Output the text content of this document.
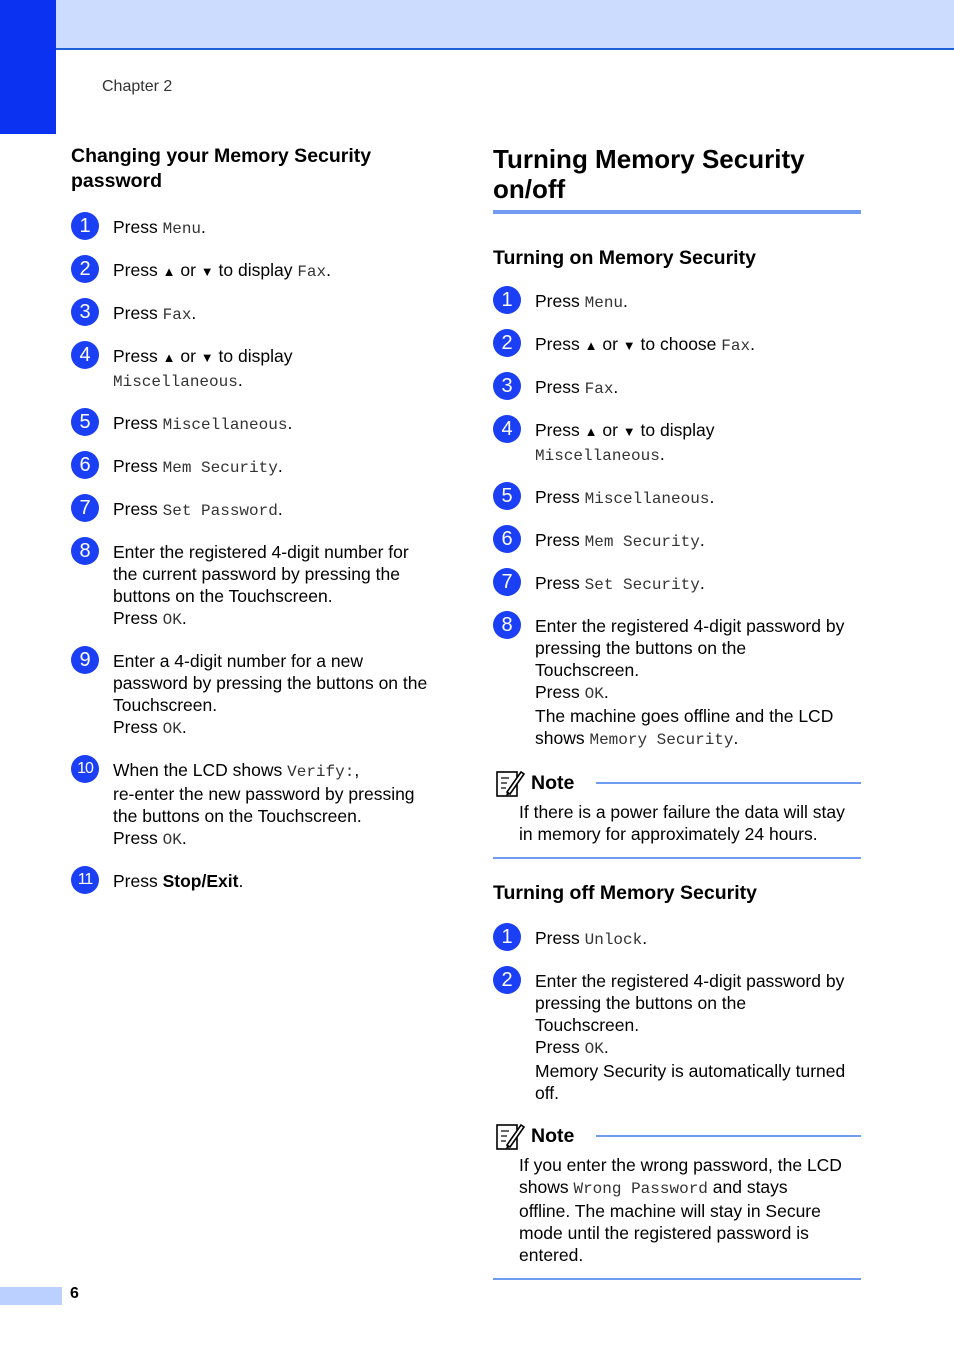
Chapter 2
Changing your Memory Security
password
1	Press Menu.
2	Press ▲ or ▼ to display Fax.
3	Press Fax.
4	Press ▲ or ▼ to display
Miscellaneous.
5	Press Miscellaneous.
6	Press Mem Security.
7	Press Set Password.
8	Enter the registered 4-digit number for
the current password by pressing the
buttons on the Touchscreen.
Press OK.
9	Enter a 4-digit number for a new
password by pressing the buttons on the
Touchscreen.
Press OK.
10	When the LCD shows Verify:,
re-enter the new password by pressing
the buttons on the Touchscreen.
Press OK.
11	Press Stop/Exit.
Turning Memory Security
on/off
Turning on Memory Security
1	Press Menu.
2	Press ▲ or ▼ to choose Fax.
3	Press Fax.
4	Press ▲ or ▼ to display
Miscellaneous.
5	Press Miscellaneous.
6	Press Mem Security.
7	Press Set Security.
8	Enter the registered 4-digit password by
pressing the buttons on the
Touchscreen.
Press OK.
The machine goes offline and the LCD
shows Memory Security.
Note
If there is a power failure the data will stay
in memory for approximately 24 hours.
Turning off Memory Security
1	Press Unlock.
2	Enter the registered 4-digit password by
pressing the buttons on the
Touchscreen.
Press OK.
Memory Security is automatically turned
off.
Note
If you enter the wrong password, the LCD
shows Wrong Password and stays
offline. The machine will stay in Secure
mode until the registered password is
entered.
6
